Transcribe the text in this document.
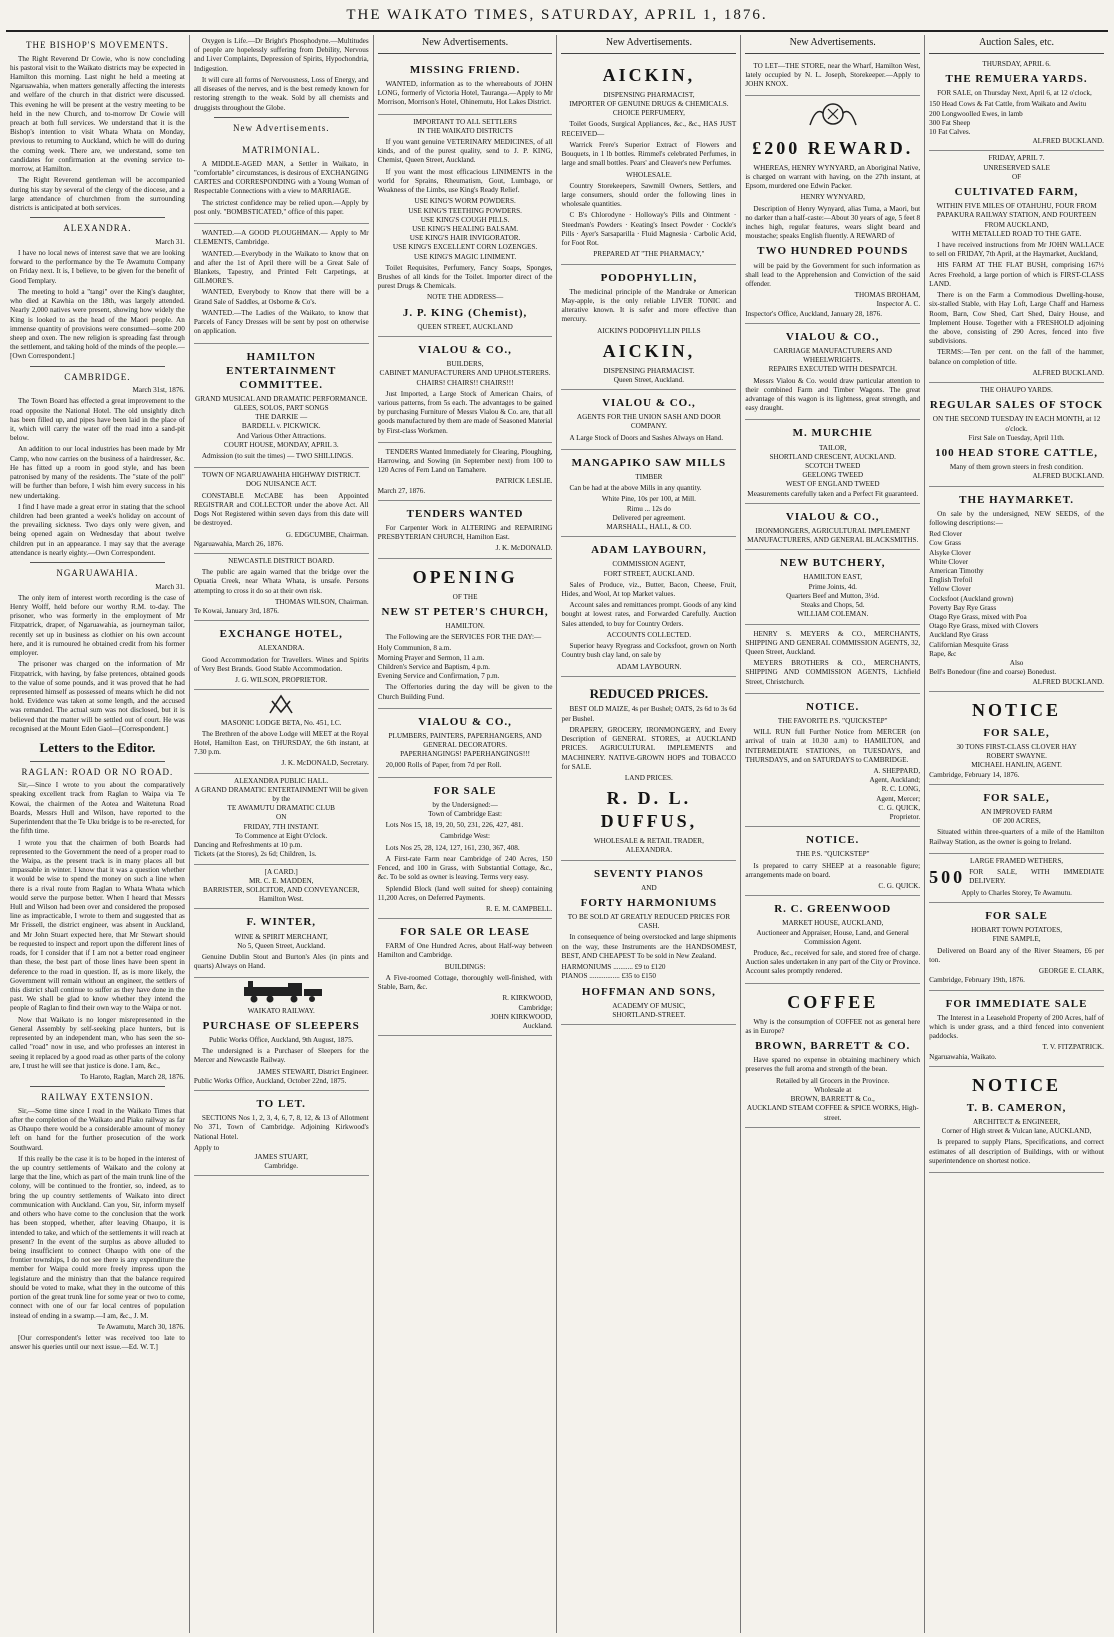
THE WAIKATO TIMES, SATURDAY, APRIL 1, 1876.
THE BISHOP'S MOVEMENTS.

The Right Reverend Dr Cowie, who is now concluding his pastoral visit to the Waikato districts may be expected in Hamilton this morning. Last night he held a meeting at Ngaruawahia, when matters generally affecting the interests and welfare of the church in that district were discussed. This evening he will be present at the vestry meeting to be held in the new Church, and to-morrow Dr Cowie will preach at both full services. We understand that it is the Bishop's intention to visit Whata Whata on Monday, previous to returning to Auckland, which he will do during the coming week. There are, we understand, some ten candidates for confirmation at the evening service to-morrow, at Hamilton.

The Right Reverend gentleman will be accompanied during his stay by several of the clergy of the diocese, and a large attendance of churchmen from the surrounding districts is anticipated at both services.

ALEXANDRA.
March 31.

I have no local news of interest save that we are looking forward to the performance by the Te Awamutu Company on Friday next. It is, I believe, to be given for the benefit of Good Templary.

The meeting to hold a "tangi" over the King's daughter, who died at Kawhia on the 18th, was largely attended. Nearly 2,000 natives were present, showing how widely the King is looked to as the head of the Maori people. An immense quantity of provisions were consumed—some 200 sheep and oxen. The new religion is spreading fast through the settlement, and taking hold of the minds of the people.—[Own Correspondent.]

CAMBRIDGE.
March 31st, 1876.

The Town Board has effected a great improvement to the road opposite the National Hotel. The old unsightly ditch has been filled up, and pipes have been laid in the place of it, which will carry the water off the road into a sand-pit below.

An addition to our local industries has been made by Mr Camp, who now carries on the business of a hairdresser, &c. He has fitted up a room in good style, and has been patronised by many of the residents. The "state of the poll" will be further than before, I wish him every success in his new undertaking.

I find I have made a great error in stating that the school children had been granted a week's holiday on account of the prevailing sickness. Two days only were given, and being opened again on Wednesday that about twelve children put in an appearance. I may say that the average attendance is nearly eighty.—Own Correspondent.

NGARUAWAHIA.
March 31.

The only item of interest worth recording is the case of Henry Wolff, held before our worthy R.M. to-day. The prisoner, who was formerly in the employment of Mr Fitzpatrick, draper, of Ngaruawahia, as journeyman tailor, recently set up in business as clothier on his own account here, and it is rumoured he obtained credit from his former employer.

The prisoner was charged on the information of Mr Fitzpatrick, with having, by false pretences, obtained goods to the value of some pounds, and it was proved that he had represented himself as possessed of means which he did not hold. Evidence was taken at some length, and the accused was remanded. The actual sum was not disclosed, but it is believed that the matter will be settled out of court. He was recognised at the Mount Eden Gaol—[Correspondent.]

Letters to the Editor.
RAGLAN: ROAD OR NO ROAD.

Sir,—Since I wrote to you about the comparatively speaking excellent track from Raglan to Waipa via Te Kowai, the chairmen of the Aotea and Waitetuna Road Boards, Messrs Hull and Wilson, have reported to the Superintendent that the Te Uku bridge is to be re-erected, for the fifth time.

I wrote you that the chairmen of both Boards had represented to the Government the need of a proper road to the Waipa, as the present track is in many places all but impassable in winter. I know that it was a question whether it would be wise to spend the money on such a line when there is a rival route from Raglan to Whata Whata which would serve the purpose better. When I heard that Messrs Hull and Wilson had been over and considered the proposed line as impracticable, I wrote to them and suggested that as Mr Frissell, the district engineer, was absent in Auckland, and Mr John Stuart expected here, that Mr Stewart should be requested to inspect and report upon the different lines of roads, for I consider that if I am not a better road engineer than these, the best part of those lines have been spent in deference to the road in question. If, as is more likely, the Government will remain without an engineer, the settlers of this district shall continue to suffer as they have done in the past. We shall be glad to know whether they intend the people of Raglan to find their own way to the Waipa or not.

Now that Waikato is no longer misrepresented in the General Assembly by self-seeking place hunters, but is represented by an independent man, who has seen the so-called "road" now in use, and who professes an interest in seeing it replaced by a good road as other parts of the colony are, I trust he will see that justice is done. I am, &c.,

To Haroto, Raglan, March 28, 1876.
RAILWAY EXTENSION.

Sir,—Some time since I read in the Waikato Times that after the completion of the Waikato and Piako railway as far as Ohaupo there would be a considerable amount of money left on hand for the further prosecution of the work Southward.

If this really be the case it is to be hoped in the interest of the up country settlements of Waikato and the colony at large that the line, which as part of the main trunk line of the colony, will be continued to the frontier, so, indeed, as to bring the up country settlements of Waikato into direct communication with Auckland. Can you, Sir, inform myself and others who have come to the conclusion that the work has been stopped, whether, after leaving Ohaupo, it is intended to take, and which of the settlements it will reach at present? In the event of the surplus as above alluded to being insufficient to connect Ohaupo with one of the frontier townships, I do not see there is any expenditure the member for Waipa could more freely impress upon the legislature and the ministry than that the balance required should be voted to make, what they in the outcome of this portion of the great trunk line for some year or two to come, connect with one of our far local centres of population instead of ending in a swamp.—I am, &c., J. M.

Te Awamutu, March 30, 1876.

[Our correspondent's letter was received too late to answer his queries until our next issue.—Ed. W. T.]

Oxygen is Life.—Dr Bright's Phosphodyne.—Multitudes of people are hopelessly suffering from Debility, Nervous and Liver Complaints, Depression of Spirits, Hypochondria, Indigestion.

It will cure all forms of Nervousness, Loss of Energy, and all diseases of the nerves, and is the best remedy known for restoring strength to the weak. Sold by all chemists and druggists throughout the Globe.

New Advertisements.
MATRIMONIAL.

A MIDDLE-AGED MAN, a Settler in Waikato, in "comfortable" circumstances, is desirous of EXCHANGING CARTES and CORRESPONDING with a Young Woman of Respectable Connections with a view to MARRIAGE.

The strictest confidence may be relied upon.—Apply by post only. "BOMBSTICATED," office of this paper.

WANTED.—A GOOD PLOUGHMAN.— Apply to Mr CLEMENTS, Cambridge.

WANTED.—Everybody in the Waikato to know that on and after the 1st of April there will be a Great Sale of Blankets, Tapestry, and Printed Felt Carpetings, at GILMORE'S.

WANTED, Everybody to Know that there will be a Grand Sale of Saddles, at Osborne & Co's.

WANTED.—The Ladies of the Waikato, to know that Parcels of Fancy Dresses will be sent by post on otherwise on application.

HAMILTON ENTERTAINMENT COMMITTEE.
GRAND MUSICAL AND DRAMATIC PERFORMANCE.
GLEES, SOLOS, PART SONGS
THE DARKIE —
BARDELL v. PICKWICK.
And Various Other Attractions.
COURT HOUSE, MONDAY, APRIL 3.

Admission (to suit the times) — TWO SHILLINGS.

TOWN OF NGARUAWAHIA HIGHWAY DISTRICT.
DOG NUISANCE ACT.

CONSTABLE McCABE has been Appointed REGISTRAR and COLLECTOR under the above Act. All Dogs Not Registered within seven days from this date will be destroyed.

G. EDGCUMBE, Chairman.
Ngaruawahia, March 26, 1876.
NEWCASTLE DISTRICT BOARD.

The public are again warned that the bridge over the Opuatia Creek, near Whata Whata, is unsafe. Persons attempting to cross it do so at their own risk.

THOMAS WILSON, Chairman.
Te Kowai, January 3rd, 1876.
EXCHANGE HOTEL,
ALEXANDRA.

Good Accommodation for Travellers. Wines and Spirits of Very Best Brands. Good Stable Accommodation.

J. G. WILSON, PROPRIETOR.
MASONIC LODGE BETA, No. 451, I.C.

The Brethren of the above Lodge will MEET at the Royal Hotel, Hamilton East, on THURSDAY, the 6th instant, at 7.30 p.m.

J. K. McDONALD, Secretary.
ALEXANDRA PUBLIC HALL.
A GRAND DRAMATIC ENTERTAINMENT Will be given by the
TE AWAMUTU DRAMATIC CLUB
ON
FRIDAY, 7TH INSTANT.
To Commence at Eight O'clock.
Dancing and Refreshments at 10 p.m.
Tickets (at the Stores), 2s 6d; Children, 1s.
[A CARD.]
MR. C. E. MADDEN,
BARRISTER, SOLICITOR, AND CONVEYANCER,
Hamilton West.
F. WINTER,
WINE & SPIRIT MERCHANT,
No 5, Queen Street, Auckland.

Genuine Dublin Stout and Burton's Ales (in pints and quarts) Always on Hand.

WAIKATO RAILWAY.
PURCHASE OF SLEEPERS
Public Works Office, Auckland, 9th August, 1875.

The undersigned is a Purchaser of Sleepers for the Mercer and Newcastle Railway.

JAMES STEWART, District Engineer.
Public Works Office, Auckland, October 22nd, 1875.
TO LET.

SECTIONS Nos 1, 2, 3, 4, 6, 7, 8, 12, & 13 of Allotment No 371, Town of Cambridge. Adjoining Kirkwood's National Hotel.

Apply to
JAMES STUART,
Cambridge.
New Advertisements.
MISSING FRIEND.

WANTED, information as to the whereabouts of JOHN LONG, formerly of Victoria Hotel, Tauranga.—Apply to Mr Morrison, Morrison's Hotel, Ohinemutu, Hot Lakes District.

IMPORTANT TO ALL SETTLERS
IN THE WAIKATO DISTRICTS

If you want genuine VETERINARY MEDICINES, of all kinds, and of the purest quality, send to J. P. KING, Chemist, Queen Street, Auckland.

If you want the most efficacious LINIMENTS in the world for Sprains, Rheumatism, Gout, Lumbago, or Weakness of the Limbs, use King's Ready Relief.

USE KING'S WORM POWDERS.
USE KING'S TEETHING POWDERS.
USE KING'S COUGH PILLS.
USE KING'S HEALING BALSAM.
USE KING'S HAIR INVIGORATOR.
USE KING'S EXCELLENT CORN LOZENGES.
USE KING'S MAGIC LINIMENT.

Toilet Requisites, Perfumery, Fancy Soaps, Sponges, Brushes of all kinds for the Toilet. Importer direct of the purest Drugs & Chemicals.

NOTE THE ADDRESS—
J. P. KING (Chemist),
QUEEN STREET, AUCKLAND
VIALOU & CO.,
BUILDERS,
CABINET MANUFACTURERS AND UPHOLSTERERS.
CHAIRS! CHAIRS!! CHAIRS!!!

Just Imported, a Large Stock of American Chairs, of various patterns, from 5s each. The advantages to be gained by purchasing Furniture of Messrs Vialou & Co. are, that all goods manufactured by them are made of Seasoned Material by First-class Workmen.

TENDERS Wanted Immediately for Clearing, Ploughing, Harrowing, and Sowing (in September next) from 100 to 120 Acres of Fern Land on Tamahere.

PATRICK LESLIE.
March 27, 1876.
TENDERS WANTED

For Carpenter Work in ALTERING and REPAIRING PRESBYTERIAN CHURCH, Hamilton East.

J. K. McDONALD.
OPENING
OF THE
NEW ST PETER'S CHURCH,
HAMILTON.

The Following are the SERVICES FOR THE DAY:—

Holy Communion, 8 a.m.
Morning Prayer and Sermon, 11 a.m.
Children's Service and Baptism, 4 p.m.
Evening Service and Confirmation, 7 p.m.

The Offertories during the day will be given to the Church Building Fund.

VIALOU & CO.,
PLUMBERS, PAINTERS, PAPERHANGERS, AND GENERAL DECORATORS.
PAPERHANGINGS! PAPERHANGINGS!!!

20,000 Rolls of Paper, from 7d per Roll.

FOR SALE
by the Undersigned:—
Town of Cambridge East:

Lots Nos 15, 18, 19, 20, 50, 231, 226, 427, 481.

Cambridge West:

Lots Nos 25, 28, 124, 127, 161, 230, 367, 408.

A First-rate Farm near Cambridge of 240 Acres, 150 Fenced, and 100 in Grass, with Substantial Cottage, &c., &c. To be sold as owner is leaving. Terms very easy.

Splendid Block (land well suited for sheep) containing 11,200 Acres, on Deferred Payments.

R. E. M. CAMPBELL.
FOR SALE OR LEASE

FARM of One Hundred Acres, about Half-way between Hamilton and Cambridge.

BUILDINGS:

A Five-roomed Cottage, thoroughly well-finished, with Stable, Barn, &c.

R. KIRKWOOD,
Cambridge;
JOHN KIRKWOOD,
Auckland.
New Advertisements.
AICKIN,
DISPENSING PHARMACIST,
IMPORTER OF GENUINE DRUGS & CHEMICALS.
CHOICE PERFUMERY,

Toilet Goods, Surgical Appliances, &c., &c., HAS JUST RECEIVED—

Warrick Frere's Superior Extract of Flowers and Bouquets, in 1 lb bottles. Rimmel's celebrated Perfumes, in large and small bottles. Pears' and Cleaver's new Perfumes.

WHOLESALE.

Country Storekeepers, Sawmill Owners, Settlers, and large consumers, should order the following lines in wholesale quantities.

C B's Chlorodyne · Holloway's Pills and Ointment · Steedman's Powders · Keating's Insect Powder · Cockle's Pills · Ayer's Sarsaparilla · Fluid Magnesia · Carbolic Acid, for Foot Rot.

PREPARED AT "THE PHARMACY,"
PODOPHYLLIN,

The medicinal principle of the Mandrake or American May-apple, is the only reliable LIVER TONIC and alterative known. It is safer and more effective than mercury.

AICKIN'S PODOPHYLLIN PILLS
AICKIN,
DISPENSING PHARMACIST.
Queen Street, Auckland.
VIALOU & CO.,
AGENTS FOR THE UNION SASH AND DOOR COMPANY.

A Large Stock of Doors and Sashes Always on Hand.

MANGAPIKO SAW MILLS
TIMBER

Can be had at the above Mills in any quantity.

White Pine, 10s per 100, at Mill.
Rimu ... 12s do
Delivered per agreement.
MARSHALL, HALL, & CO.
ADAM LAYBOURN,
COMMISSION AGENT,
FORT STREET, AUCKLAND.

Sales of Produce, viz., Butter, Bacon, Cheese, Fruit, Hides, and Wool, At top Market values.

Account sales and remittances prompt. Goods of any kind bought at lowest rates, and Forwarded Carefully. Auction Sales attended, to buy for Country Orders.

ACCOUNTS COLLECTED.

Superior heavy Ryegrass and Cocksfoot, grown on North Country bush clay land, on sale by

ADAM LAYBOURN.
REDUCED PRICES.

BEST OLD MAIZE, 4s per Bushel; OATS, 2s 6d to 3s 6d per Bushel.

DRAPERY, GROCERY, IRONMONGERY, and Every Description of GENERAL STORES, at AUCKLAND PRICES. AGRICULTURAL IMPLEMENTS and MACHINERY. NATIVE-GROWN HOPS and TOBACCO for SALE.

LAND PRICES.
R. D. L. DUFFUS,
WHOLESALE & RETAIL TRADER,
ALEXANDRA.
SEVENTY PIANOS
AND
FORTY HARMONIUMS
TO BE SOLD AT GREATLY REDUCED PRICES FOR CASH.

In consequence of being overstocked and large shipments on the way, these Instruments are the HANDSOMEST, BEST, AND CHEAPEST To be sold in New Zealand.

HARMONIUMS ........... £9 to £120
PIANOS ................. £35 to £150
HOFFMAN AND SONS,
ACADEMY OF MUSIC,
SHORTLAND-STREET.
New Advertisements.

TO LET—THE STORE, near the Wharf, Hamilton West, lately occupied by N. L. Joseph, Storekeeper.—Apply to JOHN KNOX.

£200 REWARD.

WHEREAS, HENRY WYNYARD, an Aboriginal Native, is charged on warrant with having, on the 27th instant, at Epsom, murdered one Edwin Packer.

HENRY WYNYARD,

Description of Henry Wynyard, alias Tuma, a Maori, but no darker than a half-caste:—About 30 years of age, 5 feet 8 inches high, regular features, wears slight beard and moustache; speaks English fluently. A REWARD of

TWO HUNDRED POUNDS

will be paid by the Government for such information as shall lead to the Apprehension and Conviction of the said offender.

THOMAS BROHAM,
Inspector A. C.
Inspector's Office, Auckland, January 28, 1876.
VIALOU & CO.,
CARRIAGE MANUFACTURERS AND WHEELWRIGHTS.
REPAIRS EXECUTED WITH DESPATCH.

Messrs Vialou & Co. would draw particular attention to their combined Farm and Timber Wagons. The great advantage of this wagon is its lightness, great strength, and easy draught.

M. MURCHIE
TAILOR,
SHORTLAND CRESCENT, AUCKLAND.
SCOTCH TWEED
GEELONG TWEED
WEST OF ENGLAND TWEED
Measurements carefully taken and a Perfect Fit guaranteed.
VIALOU & CO.,
IRONMONGERS, AGRICULTURAL IMPLEMENT MANUFACTURERS, AND GENERAL BLACKSMITHS.
NEW BUTCHERY,
HAMILTON EAST,
Prime Joints, 4d.
Quarters Beef and Mutton, 3½d.
Steaks and Chops, 5d.
WILLIAM COLEMAN.

HENRY S. MEYERS & CO., MERCHANTS, SHIPPING AND GENERAL COMMISSION AGENTS, 32, Queen Street, Auckland.

MEYERS BROTHERS & CO., MERCHANTS, SHIPPING AND COMMISSION AGENTS, Lichfield Street, Christchurch.

NOTICE.
THE FAVORITE P.S. "QUICKSTEP"

WILL RUN full Further Notice from MERCER (on arrival of train at 10.30 a.m) to HAMILTON, and INTERMEDIATE STATIONS, on TUESDAYS, and THURSDAYS, and on SATURDAYS to CAMBRIDGE.

A. SHEPPARD,
Agent, Auckland;
R. C. LONG,
Agent, Mercer;
C. G. QUICK,
Proprietor.
NOTICE.
THE P.S. "QUICKSTEP"

Is prepared to carry SHEEP at a reasonable figure; arrangements made on board.

C. G. QUICK.
R. C. GREENWOOD
MARKET HOUSE, AUCKLAND,
Auctioneer and Appraiser, House, Land, and General Commission Agent.

Produce, &c., received for sale, and stored free of charge. Auction sales undertaken in any part of the City or Province. Account sales promptly rendered.

COFFEE

Why is the consumption of COFFEE not as general here as in Europe?

BROWN, BARRETT & CO.

Have spared no expense in obtaining machinery which preserves the full aroma and strength of the bean.

Retailed by all Grocers in the Province.
Wholesale at
BROWN, BARRETT & Co.,
AUCKLAND STEAM COFFEE & SPICE WORKS, High-street.
Auction Sales, etc.
THURSDAY, APRIL 6.
THE REMUERA YARDS.

FOR SALE, on Thursday Next, April 6, at 12 o'clock,

150 Head Cows & Fat Cattle, from Waikato and Awitu
200 Longwoolled Ewes, in lamb
300 Fat Sheep
10 Fat Calves.
ALFRED BUCKLAND.
FRIDAY, APRIL 7.
UNRESERVED SALE
OF
CULTIVATED FARM,
WITHIN FIVE MILES OF OTAHUHU, FOUR FROM PAPAKURA RAILWAY STATION, AND FOURTEEN FROM AUCKLAND,
WITH METALLED ROAD TO THE GATE.

I have received instructions from Mr JOHN WALLACE to sell on FRIDAY, 7th April, at the Haymarket, Auckland,

HIS FARM AT THE FLAT BUSH, comprising 167½ Acres Freehold, a large portion of which is FIRST-CLASS LAND.

There is on the Farm a Commodious Dwelling-house, six-stalled Stable, with Hay Loft, Large Chaff and Harness Room, Barn, Cow Shed, Cart Shed, Dairy House, and Implement House. Together with a FRESHOLD adjoining the above, consisting of 290 Acres, fenced into five subdivisions.

TERMS:—Ten per cent. on the fall of the hammer, balance on completion of title.

ALFRED BUCKLAND.
THE OHAUPO YARDS.
REGULAR SALES OF STOCK
ON THE SECOND TUESDAY IN EACH MONTH, at 12 o'clock.
First Sale on Tuesday, April 11th.
100 HEAD STORE CATTLE,
Many of them grown steers in fresh condition.
ALFRED BUCKLAND.
THE HAYMARKET.

On sale by the undersigned, NEW SEEDS, of the following descriptions:—

Red Clover
Cow Grass
Alsyke Clover
White Clover
American Timothy
English Trefoil
Yellow Clover
Cocksfoot (Auckland grown)
Poverty Bay Rye Grass
Otago Rye Grass, mixed with Poa
Otago Rye Grass, mixed with Clovers
Auckland Rye Grass
Californian Mesquite Grass
Rape, &c
Also
Bell's Bonedour (fine and coarse) Bonedust.
ALFRED BUCKLAND.
NOTICE
FOR SALE,
30 TONS FIRST-CLASS CLOVER HAY
ROBERT SWAYNE.
MICHAEL HANLIN, AGENT.
Cambridge, February 14, 1876.
FOR SALE,
AN IMPROVED FARM
OF 200 ACRES,

Situated within three-quarters of a mile of the Hamilton Railway Station, as the owner is going to Ireland.

LARGE FRAMED WETHERS,
500 FOR SALE, WITH IMMEDIATE DELIVERY.
Apply to Charles Storey, Te Awamutu.
FOR SALE
HOBART TOWN POTATOES,
FINE SAMPLE,

Delivered on Board any of the River Steamers, £6 per ton.

GEORGE E. CLARK,
Cambridge, February 19th, 1876.
FOR IMMEDIATE SALE

The Interest in a Leasehold Property of 200 Acres, half of which is under grass, and a third fenced into convenient paddocks.

T. V. FITZPATRICK.
Ngaruawahia, Waikato.
NOTICE
T. B. CAMERON,
ARCHITECT & ENGINEER,
Corner of High street & Vulcan lane, AUCKLAND,

Is prepared to supply Plans, Specifications, and correct estimates of all description of Buildings, with or without superintendence on shortest notice.
